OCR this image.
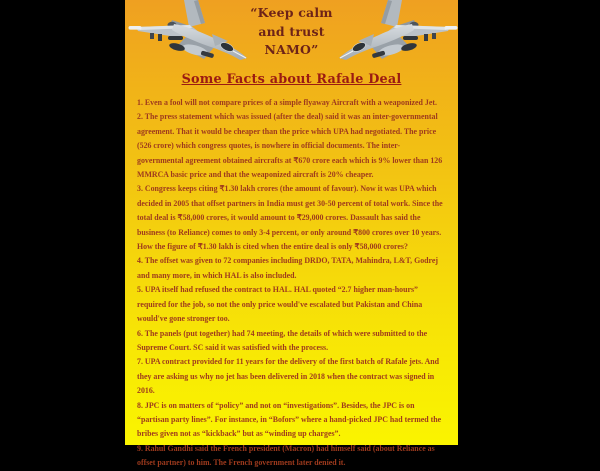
“Keep calm
and trust
NAMO”
Some Facts about Rafale Deal

1. Even a fool will not compare prices of a simple flyaway Aircraft with a weaponized Jet.

2. The press statement which was issued (after the deal) said it was an inter-governmental agreement. That it would be cheaper than the price which UPA had negotiated. The price (526 crore) which congress quotes, is nowhere in official documents. The inter-governmental agreement obtained aircrafts at ₹670 crore each which is 9% lower than 126 MMRCA basic price and that the weaponized aircraft is 20% cheaper.

3. Congress keeps citing ₹1.30 lakh crores (the amount of favour). Now it was UPA which decided in 2005 that offset partners in India must get 30-50 percent of total work. Since the total deal is ₹58,000 crores, it would amount to ₹29,000 crores. Dassault has said the business (to Reliance) comes to only 3-4 percent, or only around ₹800 crores over 10 years. How the figure of ₹1.30 lakh is cited when the entire deal is only ₹58,000 crores?

4. The offset was given to 72 companies including DRDO, TATA, Mahindra, L&T, Godrej and many more, in which HAL is also included.

5. UPA itself had refused the contract to HAL. HAL quoted “2.7 higher man-hours” required for the job, so not the only price would've escalated but Pakistan and China would've gone stronger too.

6. The panels (put together) had 74 meeting, the details of which were submitted to the Supreme Court. SC said it was satisfied with the process.

7. UPA contract provided for 11 years for the delivery of the first batch of Rafale jets. And they are asking us why no jet has been delivered in 2018 when the contract was signed in 2016.

8. JPC is on matters of “policy” and not on “investigations”. Besides, the JPC is on “partisan party lines”. For instance, in “Bofors” where a hand-picked JPC had termed the bribes given not as “kickback” but as “winding up charges”.

9. Rahul Gandhi said the French president (Macron) had himself said (about Reliance as offset partner) to him. The French government later denied it.
